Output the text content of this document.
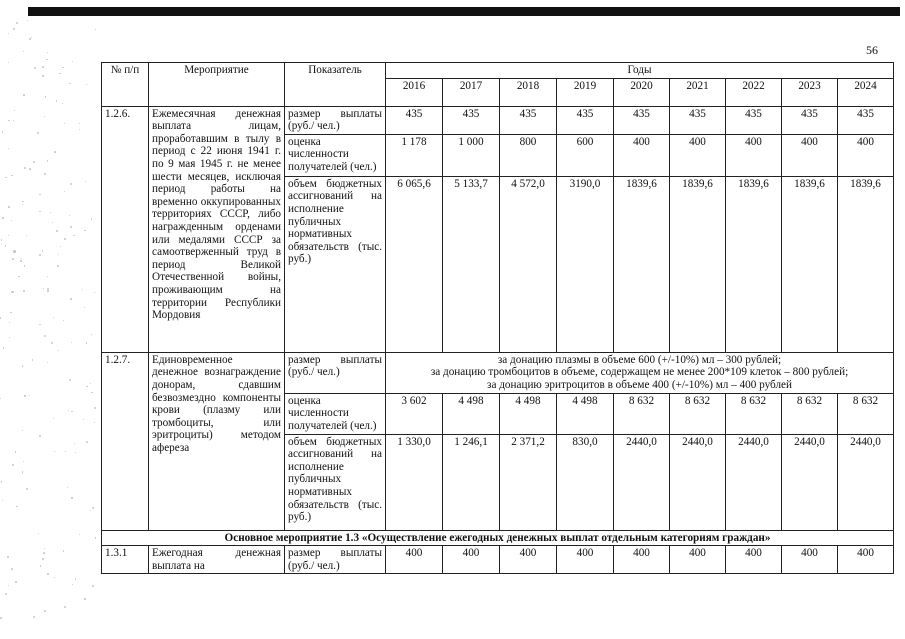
56
№ п/п	Мероприятие	Показатель	Годы								
			2016	2017	2018	2019	2020	2021	2022	2023	2024
1.2.6.	Ежемесячная денежная выплата лицам, проработавшим в тылу в период с 22 июня 1941 г. по 9 мая 1945 г. не менее шести месяцев, исключая период работы на временно оккупированных территориях СССР, либо награжденным орденами или медалями СССР за самоотверженный труд в период Великой Отечественной войны, проживающим на территории Республики Мордовия	размер выплаты (руб./ чел.)	435	435	435	435	435	435	435	435	435
		оценка численности получателей (чел.)	1 178	1 000	800	600	400	400	400	400	400
		объем бюджетных ассигнований на исполнение публичных нормативных обязательств (тыс. руб.)	6 065,6	5 133,7	4 572,0	3190,0	1839,6	1839,6	1839,6	1839,6	1839,6
1.2.7.	Единовременное денежное вознаграждение донорам, сдавшим безвозмездно компоненты крови (плазму или тромбоциты, или эритроциты) методом афереза	размер выплаты (руб./ чел.)	за донацию плазмы в объеме 600 (+/-10%) мл – 300 рублей;
за донацию тромбоцитов в объеме, содержащем не менее 200*109 клеток – 800 рублей;
за донацию эритроцитов в объеме 400 (+/-10%) мл – 400 рублей								

		оценка численности получателей (чел.)	3 602	4 498	4 498	4 498	8 632	8 632	8 632	8 632	8 632
		объем бюджетных ассигнований на исполнение публичных нормативных обязательств (тыс. руб.)	1 330,0	1 246,1	2 371,2	830,0	2440,0	2440,0	2440,0	2440,0	2440,0
Основное мероприятие 1.3 «Осуществление ежегодных денежных выплат отдельным категориям граждан»											
1.3.1	Ежегодная денежная выплата на	размер выплаты (руб./ чел.)	400	400	400	400	400	400	400	400	400
